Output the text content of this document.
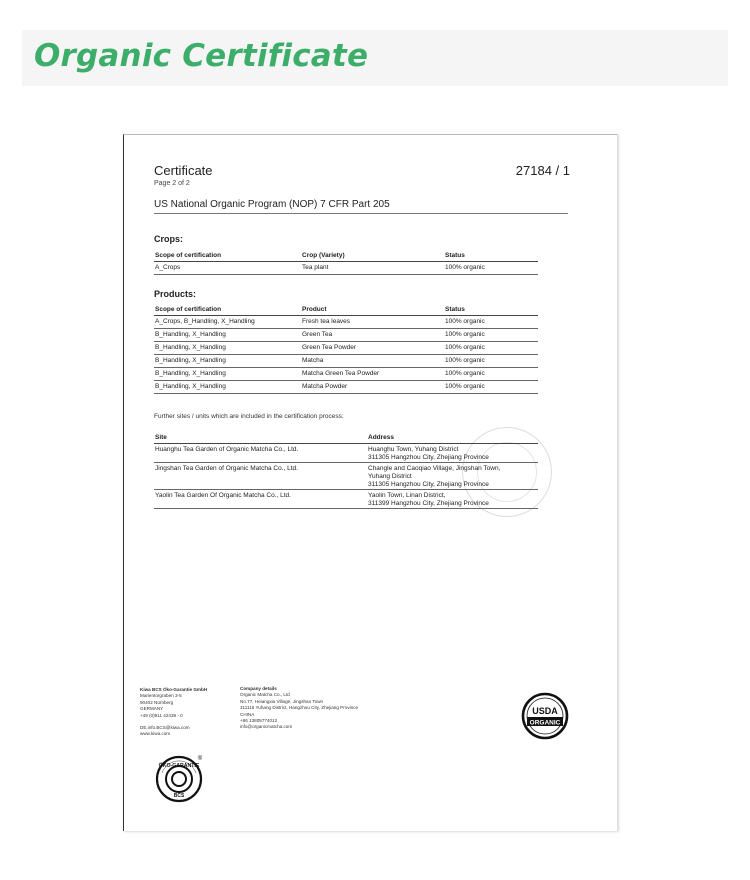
Organic Certificate
Certificate
Page 2 of 2
27184 / 1
US National Organic Program (NOP) 7 CFR Part 205
Crops:
Scope of certification	Crop (Variety)	Status
A_Crops	Tea plant	100% organic
Products:
Scope of certification	Product	Status
A_Crops, B_Handling, X_Handling	Fresh tea leaves	100% organic
B_Handling, X_Handling	Green Tea	100% organic
B_Handling, X_Handling	Green Tea Powder	100% organic
B_Handling, X_Handling	Matcha	100% organic
B_Handling, X_Handling	Matcha Green Tea Powder	100% organic
B_Handling, X_Handling	Matcha Powder	100% organic
Further sites / units which are included in the certification process:
Site	Address
Huanghu Tea Garden of Organic Matcha Co., Ltd.	Huanghu Town, Yuhang District
311305 Hangzhou City, Zhejiang Province

Jingshan Tea Garden of Organic Matcha Co., Ltd.	Changle and Caoqiao Village, Jingshan Town,
Yuhang District
311305 Hangzhou City, Zhejiang Province

Yaolin Tea Garden Of Organic Matcha Co., Ltd.	Yaolin Town, Linan District,
311399 Hangzhou City, Zhejiang Province
Kiwa BCS Öko-Garantie GmbH
Marientorgraben 3-5
90402 Nürnberg
GERMANY
+49 (0)911 42439 - 0
DE.info.BCS@kiwa.com
www.kiwa.com
Company details
Organic Matcha Co., Ltd
No.77, Heiangxia Village, Jingshan Town
311116 Yuhang District, Hangzhou City, Zhejiang Province
CHINA
+86 13805774012
info@organicmatcha.com
ÖKO-GARANTIE
BCS
®
USDA
ORGANIC
